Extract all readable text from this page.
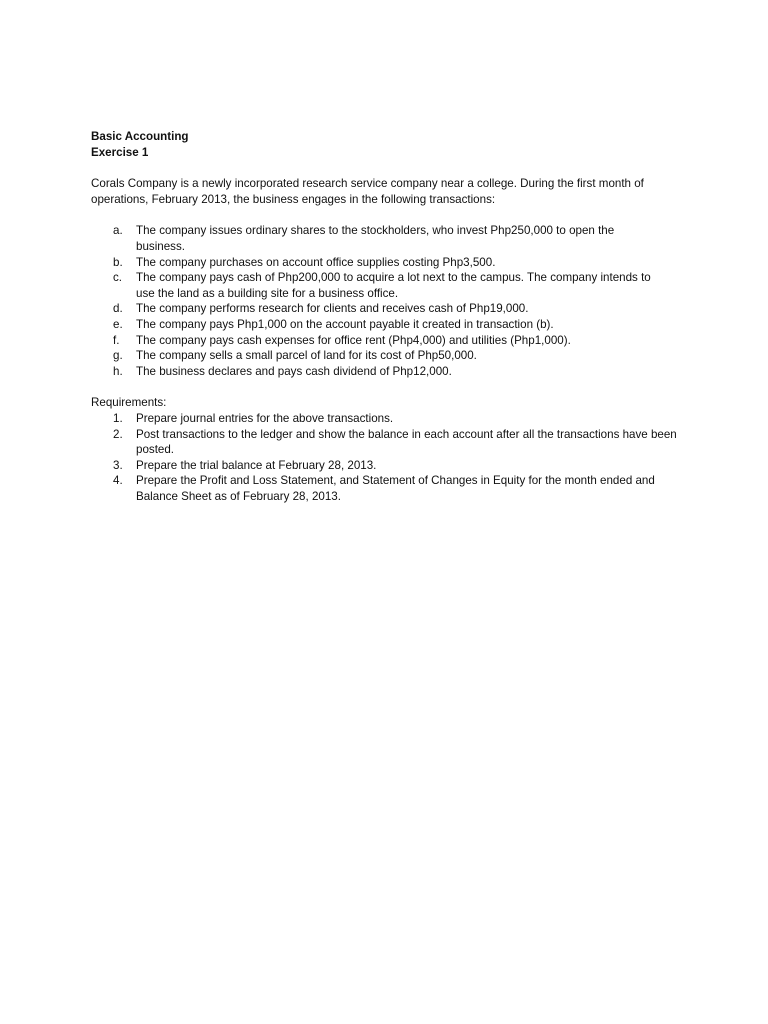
Basic Accounting

Exercise 1

Corals Company is a newly incorporated research service company near a college. During the first month of operations, February 2013, the business engages in the following transactions:

a.	The company issues ordinary shares to the stockholders, who invest Php250,000 to open the business.
b.	The company purchases on account office supplies costing Php3,500.
c.	The company pays cash of Php200,000 to acquire a lot next to the campus. The company intends to use the land as a building site for a business office.
d.	The company performs research for clients and receives cash of Php19,000.
e.	The company pays Php1,000 on the account payable it created in transaction (b).
f.	The company pays cash expenses for office rent (Php4,000) and utilities (Php1,000).
g.	The company sells a small parcel of land for its cost of Php50,000.
h.	The business declares and pays cash dividend of Php12,000.

Requirements:

1.	Prepare journal entries for the above transactions.
2.	Post transactions to the ledger and show the balance in each account after all the transactions have been posted.
3.	Prepare the trial balance at February 28, 2013.
4.	Prepare the Profit and Loss Statement, and Statement of Changes in Equity for the month ended and Balance Sheet as of February 28, 2013.
